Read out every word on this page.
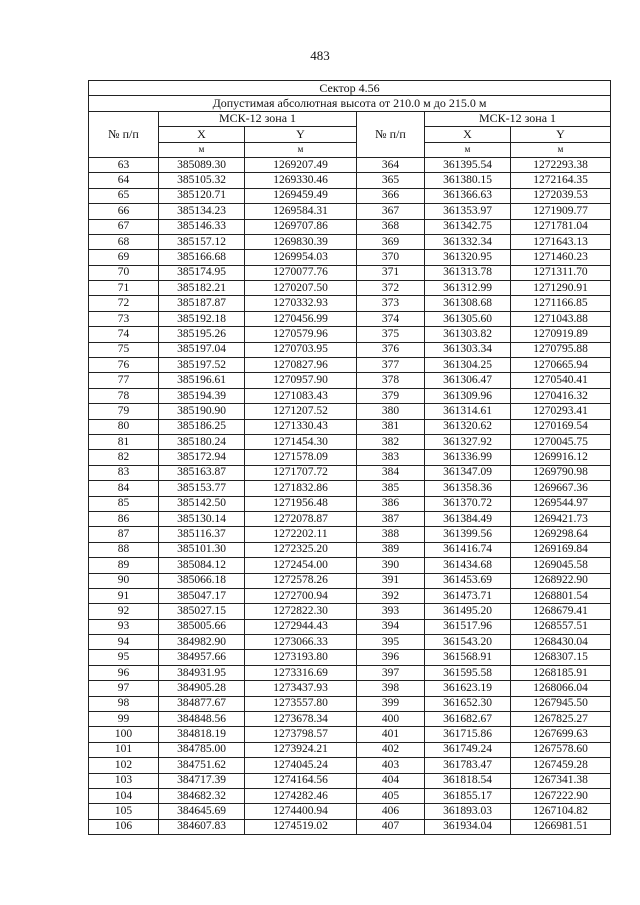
483
Сектор 4.56					
Допустимая абсолютная высота от 210.0 м до 215.0 м					
№ п/п	МСК-12 зона 1		№ п/п	МСК-12 зона 1	
	X	Y		X	Y
	м	м		м	м
63	385089.30	1269207.49	364	361395.54	1272293.38
64	385105.32	1269330.46	365	361380.15	1272164.35
65	385120.71	1269459.49	366	361366.63	1272039.53
66	385134.23	1269584.31	367	361353.97	1271909.77
67	385146.33	1269707.86	368	361342.75	1271781.04
68	385157.12	1269830.39	369	361332.34	1271643.13
69	385166.68	1269954.03	370	361320.95	1271460.23
70	385174.95	1270077.76	371	361313.78	1271311.70
71	385182.21	1270207.50	372	361312.99	1271290.91
72	385187.87	1270332.93	373	361308.68	1271166.85
73	385192.18	1270456.99	374	361305.60	1271043.88
74	385195.26	1270579.96	375	361303.82	1270919.89
75	385197.04	1270703.95	376	361303.34	1270795.88
76	385197.52	1270827.96	377	361304.25	1270665.94
77	385196.61	1270957.90	378	361306.47	1270540.41
78	385194.39	1271083.43	379	361309.96	1270416.32
79	385190.90	1271207.52	380	361314.61	1270293.41
80	385186.25	1271330.43	381	361320.62	1270169.54
81	385180.24	1271454.30	382	361327.92	1270045.75
82	385172.94	1271578.09	383	361336.99	1269916.12
83	385163.87	1271707.72	384	361347.09	1269790.98
84	385153.77	1271832.86	385	361358.36	1269667.36
85	385142.50	1271956.48	386	361370.72	1269544.97
86	385130.14	1272078.87	387	361384.49	1269421.73
87	385116.37	1272202.11	388	361399.56	1269298.64
88	385101.30	1272325.20	389	361416.74	1269169.84
89	385084.12	1272454.00	390	361434.68	1269045.58
90	385066.18	1272578.26	391	361453.69	1268922.90
91	385047.17	1272700.94	392	361473.71	1268801.54
92	385027.15	1272822.30	393	361495.20	1268679.41
93	385005.66	1272944.43	394	361517.96	1268557.51
94	384982.90	1273066.33	395	361543.20	1268430.04
95	384957.66	1273193.80	396	361568.91	1268307.15
96	384931.95	1273316.69	397	361595.58	1268185.91
97	384905.28	1273437.93	398	361623.19	1268066.04
98	384877.67	1273557.80	399	361652.30	1267945.50
99	384848.56	1273678.34	400	361682.67	1267825.27
100	384818.19	1273798.57	401	361715.86	1267699.63
101	384785.00	1273924.21	402	361749.24	1267578.60
102	384751.62	1274045.24	403	361783.47	1267459.28
103	384717.39	1274164.56	404	361818.54	1267341.38
104	384682.32	1274282.46	405	361855.17	1267222.90
105	384645.69	1274400.94	406	361893.03	1267104.82
106	384607.83	1274519.02	407	361934.04	1266981.51
